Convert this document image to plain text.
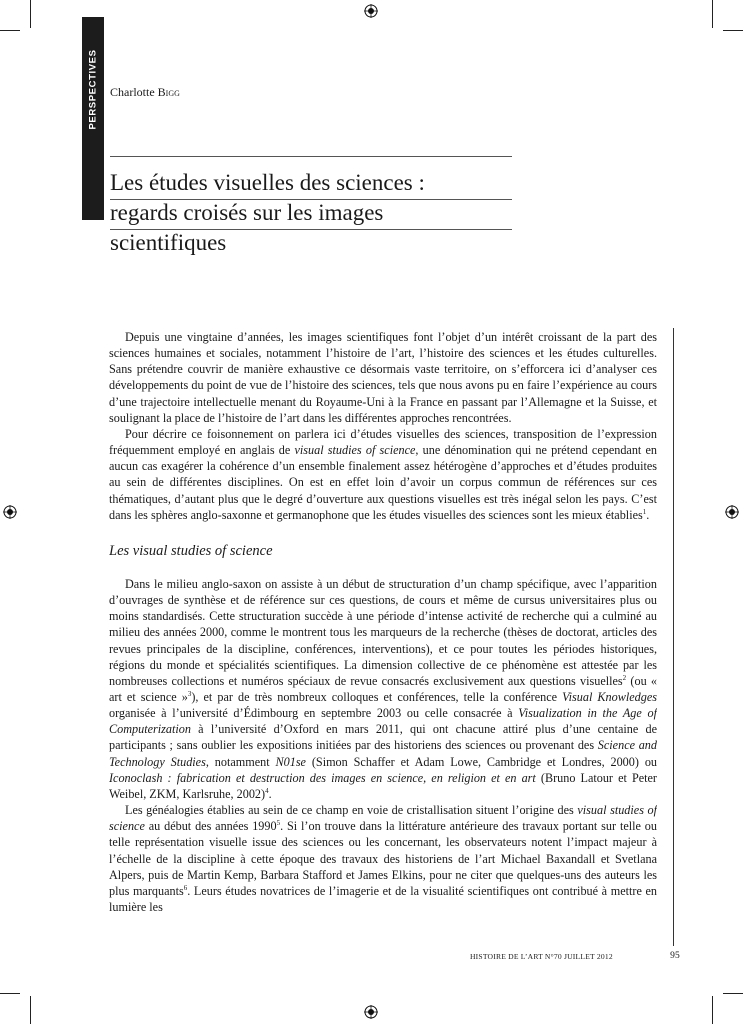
PERSPECTIVES Charlotte Bigg
Les études visuelles des sciences :
regards croisés sur les images
scientifiques

Depuis une vingtaine d’années, les images scientifiques font l’objet d’un intérêt croissant de la part des sciences humaines et sociales, notamment l’histoire de l’art, l’histoire des sciences et les études culturelles. Sans prétendre couvrir de manière exhaustive ce désormais vaste territoire, on s’efforcera ici d’analyser ces développements du point de vue de l’histoire des sciences, tels que nous avons pu en faire l’expérience au cours d’une trajectoire intellectuelle menant du Royaume-Uni à la France en passant par l’Allemagne et la Suisse, et soulignant la place de l’histoire de l’art dans les différentes approches rencontrées.

Pour décrire ce foisonnement on parlera ici d’études visuelles des sciences, transposition de l’expression fréquemment employé en anglais de visual studies of science, une dénomination qui ne prétend cependant en aucun cas exagérer la cohérence d’un ensemble finalement assez hétérogène d’approches et d’études produites au sein de différentes disciplines. On est en effet loin d’avoir un corpus commun de références sur ces thématiques, d’autant plus que le degré d’ouverture aux questions visuelles est très inégal selon les pays. C’est dans les sphères anglo-saxonne et germanophone que les études visuelles des sciences sont les mieux établies$^1$.

Les visual studies of science

Dans le milieu anglo-saxon on assiste à un début de structuration d’un champ spécifique, avec l’apparition d’ouvrages de synthèse et de référence sur ces questions, de cours et même de cursus universitaires plus ou moins standardisés. Cette structuration succède à une période d’intense activité de recherche qui a culminé au milieu des années 2000, comme le montrent tous les marqueurs de la recherche (thèses de doctorat, articles des revues principales de la discipline, conférences, interventions), et ce pour toutes les périodes historiques, régions du monde et spécialités scientifiques. La dimension collective de ce phénomène est attestée par les nombreuses collections et numéros spéciaux de revue consacrés exclusivement aux questions visuelles$^2$ (ou « art et science »$^3$), et par de très nombreux colloques et conférences, telle la conférence Visual Knowledges organisée à l’université d’Édimbourg en septembre 2003 ou celle consacrée à Visualization in the Age of Computerization à l’université d’Oxford en mars 2011, qui ont chacune attiré plus d’une centaine de participants ; sans oublier les expositions initiées par des historiens des sciences ou provenant des Science and Technology Studies, notamment N01se (Simon Schaffer et Adam Lowe, Cambridge et Londres, 2000) ou Iconoclash : fabrication et destruction des images en science, en religion et en art (Bruno Latour et Peter Weibel, ZKM, Karlsruhe, 2002)$^4$.

Les généalogies établies au sein de ce champ en voie de cristallisation situent l’origine des visual studies of science au début des années 1990$^5$. Si l’on trouve dans la littérature antérieure des travaux portant sur telle ou telle représentation visuelle issue des sciences ou les concernant, les observateurs notent l’impact majeur à l’échelle de la discipline à cette époque des travaux des historiens de l’art Michael Baxandall et Svetlana Alpers, puis de Martin Kemp, Barbara Stafford et James Elkins, pour ne citer que quelques-uns des auteurs les plus marquants$^6$. Leurs études novatrices de l’imagerie et de la visualité scientifiques ont contribué à mettre en lumière les

HISTOIRE DE L’ART N°70 JUILLET 2012	95
